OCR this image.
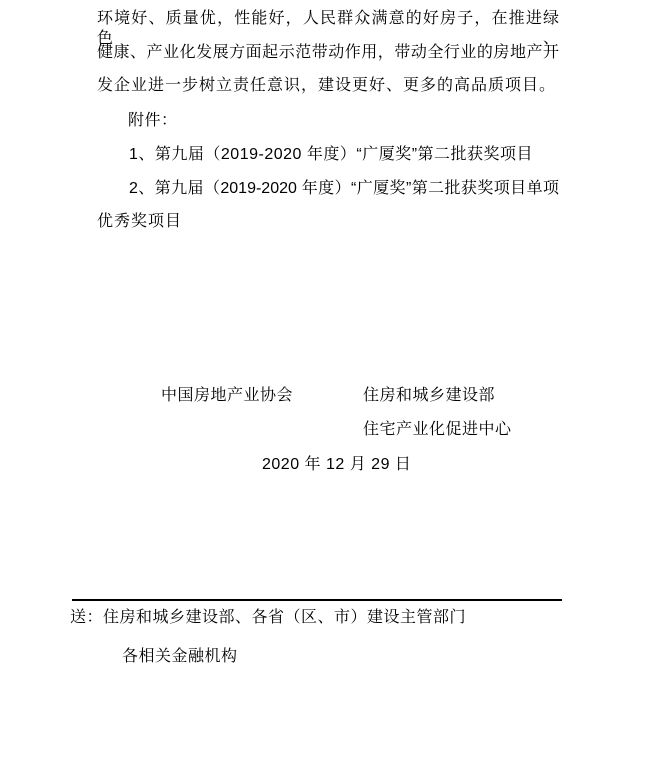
环境好、质量优，性能好，人民群众满意的好房子，在推进绿色、
健康、产业化发展方面起示范带动作用，带动全行业的房地产开
发企业进一步树立责任意识，建设更好、更多的高品质项目。
附件：
1、第九届（2019-2020 年度）“广厦奖”第二批获奖项目
2、第九届（2019-2020 年度）“广厦奖”第二批获奖项目单项
优秀奖项目
中国房地产业协会	住房和城乡建设部
住宅产业化促进中心
2020 年 12 月 29 日
送：住房和城乡建设部、各省（区、市）建设主管部门
各相关金融机构
